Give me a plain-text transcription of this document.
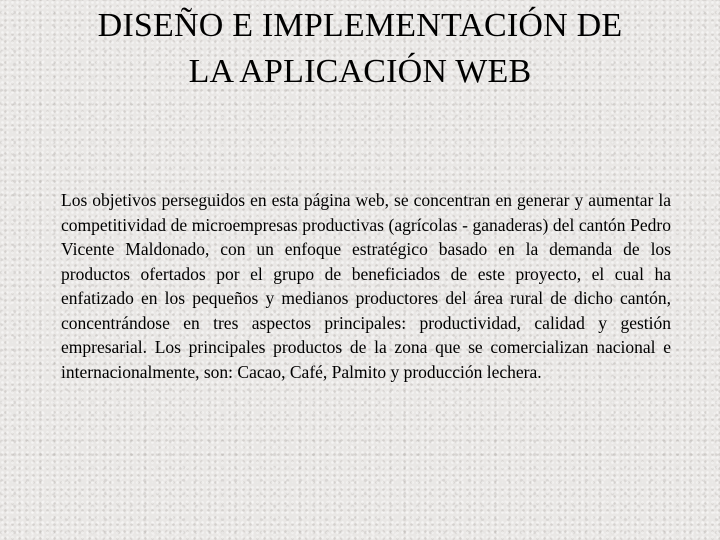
DISEÑO E IMPLEMENTACIÓN DE
LA APLICACIÓN WEB
Los objetivos perseguidos en esta página web, se concentran en generar y aumentar la competitividad de microempresas productivas (agrícolas - ganaderas) del cantón Pedro Vicente Maldonado, con un enfoque estratégico basado en la demanda de los productos ofertados por el grupo de beneficiados de este proyecto, el cual ha enfatizado en los pequeños y medianos productores del área rural de dicho cantón, concentrándose en tres aspectos principales: productividad, calidad y gestión empresarial. Los principales productos de la zona que se comercializan nacional e internacionalmente, son: Cacao, Café, Palmito y producción lechera.
